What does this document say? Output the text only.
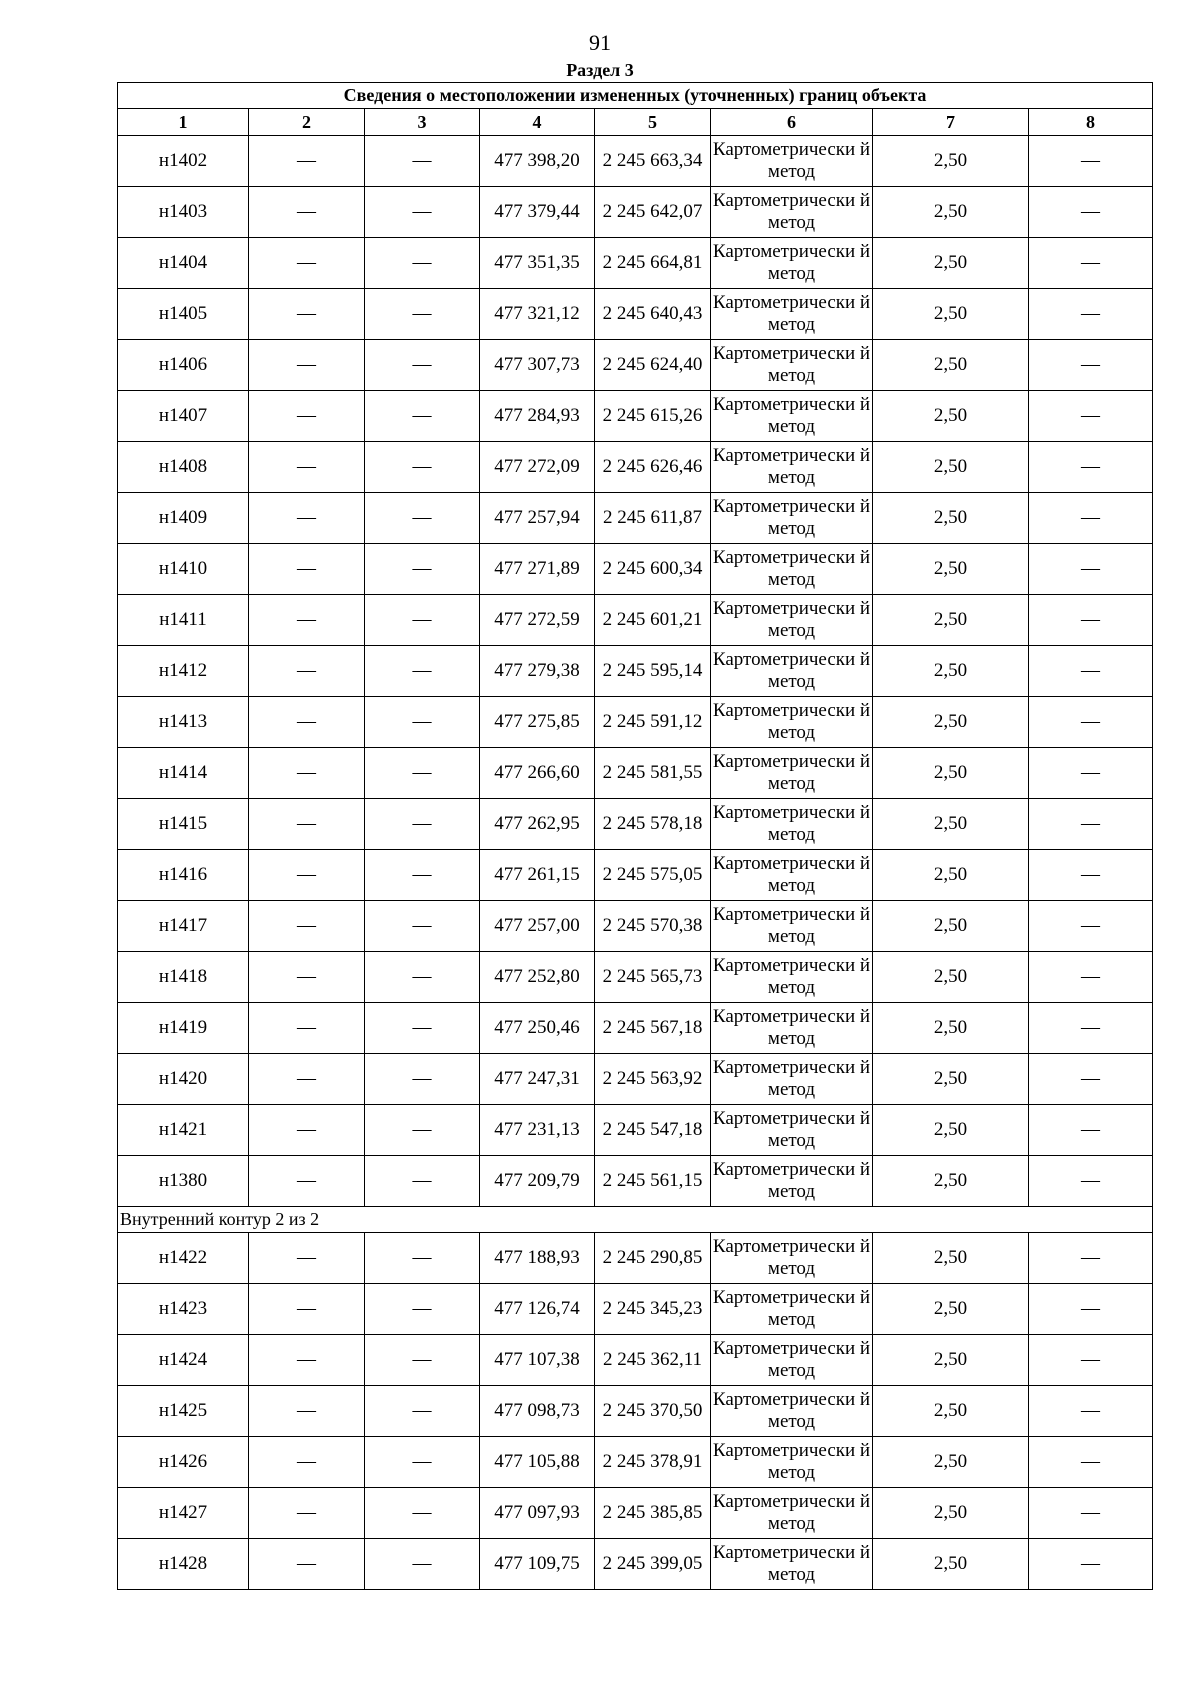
91
Раздел 3
Сведения о местоположении измененных (уточненных) границ объекта							
1	2	3	4	5	6	7	8
н1402	—	—	477 398,20	2 245 663,34	Картометрически й метод	2,50	—
н1403	—	—	477 379,44	2 245 642,07	Картометрически й метод	2,50	—
н1404	—	—	477 351,35	2 245 664,81	Картометрически й метод	2,50	—
н1405	—	—	477 321,12	2 245 640,43	Картометрически й метод	2,50	—
н1406	—	—	477 307,73	2 245 624,40	Картометрически й метод	2,50	—
н1407	—	—	477 284,93	2 245 615,26	Картометрически й метод	2,50	—
н1408	—	—	477 272,09	2 245 626,46	Картометрически й метод	2,50	—
н1409	—	—	477 257,94	2 245 611,87	Картометрически й метод	2,50	—
н1410	—	—	477 271,89	2 245 600,34	Картометрически й метод	2,50	—
н1411	—	—	477 272,59	2 245 601,21	Картометрически й метод	2,50	—
н1412	—	—	477 279,38	2 245 595,14	Картометрически й метод	2,50	—
н1413	—	—	477 275,85	2 245 591,12	Картометрически й метод	2,50	—
н1414	—	—	477 266,60	2 245 581,55	Картометрически й метод	2,50	—
н1415	—	—	477 262,95	2 245 578,18	Картометрически й метод	2,50	—
н1416	—	—	477 261,15	2 245 575,05	Картометрически й метод	2,50	—
н1417	—	—	477 257,00	2 245 570,38	Картометрически й метод	2,50	—
н1418	—	—	477 252,80	2 245 565,73	Картометрически й метод	2,50	—
н1419	—	—	477 250,46	2 245 567,18	Картометрически й метод	2,50	—
н1420	—	—	477 247,31	2 245 563,92	Картометрически й метод	2,50	—
н1421	—	—	477 231,13	2 245 547,18	Картометрически й метод	2,50	—
н1380	—	—	477 209,79	2 245 561,15	Картометрически й метод	2,50	—
Внутренний контур 2 из 2							
н1422	—	—	477 188,93	2 245 290,85	Картометрически й метод	2,50	—
н1423	—	—	477 126,74	2 245 345,23	Картометрически й метод	2,50	—
н1424	—	—	477 107,38	2 245 362,11	Картометрически й метод	2,50	—
н1425	—	—	477 098,73	2 245 370,50	Картометрически й метод	2,50	—
н1426	—	—	477 105,88	2 245 378,91	Картометрически й метод	2,50	—
н1427	—	—	477 097,93	2 245 385,85	Картометрически й метод	2,50	—
н1428	—	—	477 109,75	2 245 399,05	Картометрически й метод	2,50	—
